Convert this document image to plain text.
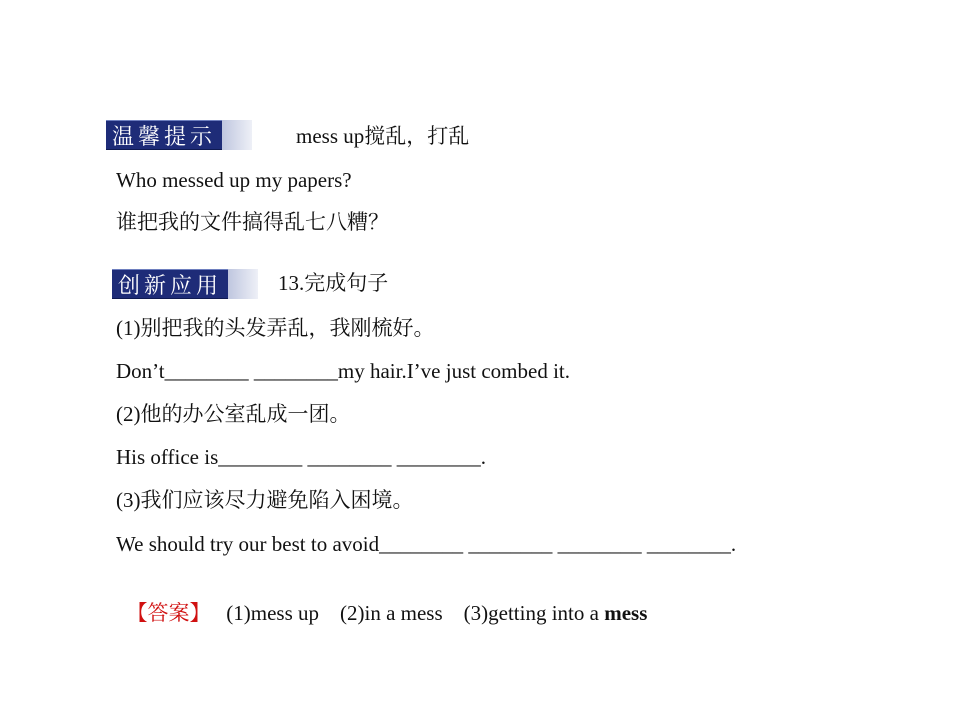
温馨提示	mess up搅乱，打乱
Who messed up my papers?
谁把我的文件搞得乱七八糟？
创新应用	13.完成句子
(1)别把我的头发弄乱，我刚梳好。
Don’t________ ________my hair.I’ve just combed it.
(2)他的办公室乱成一团。
His office is________ ________ ________.
(3)我们应该尽力避免陷入困境。
We should try our best to avoid________ ________ ________ ________.

【答案】 (1)mess up (2)in a mess (3)getting into a mess
